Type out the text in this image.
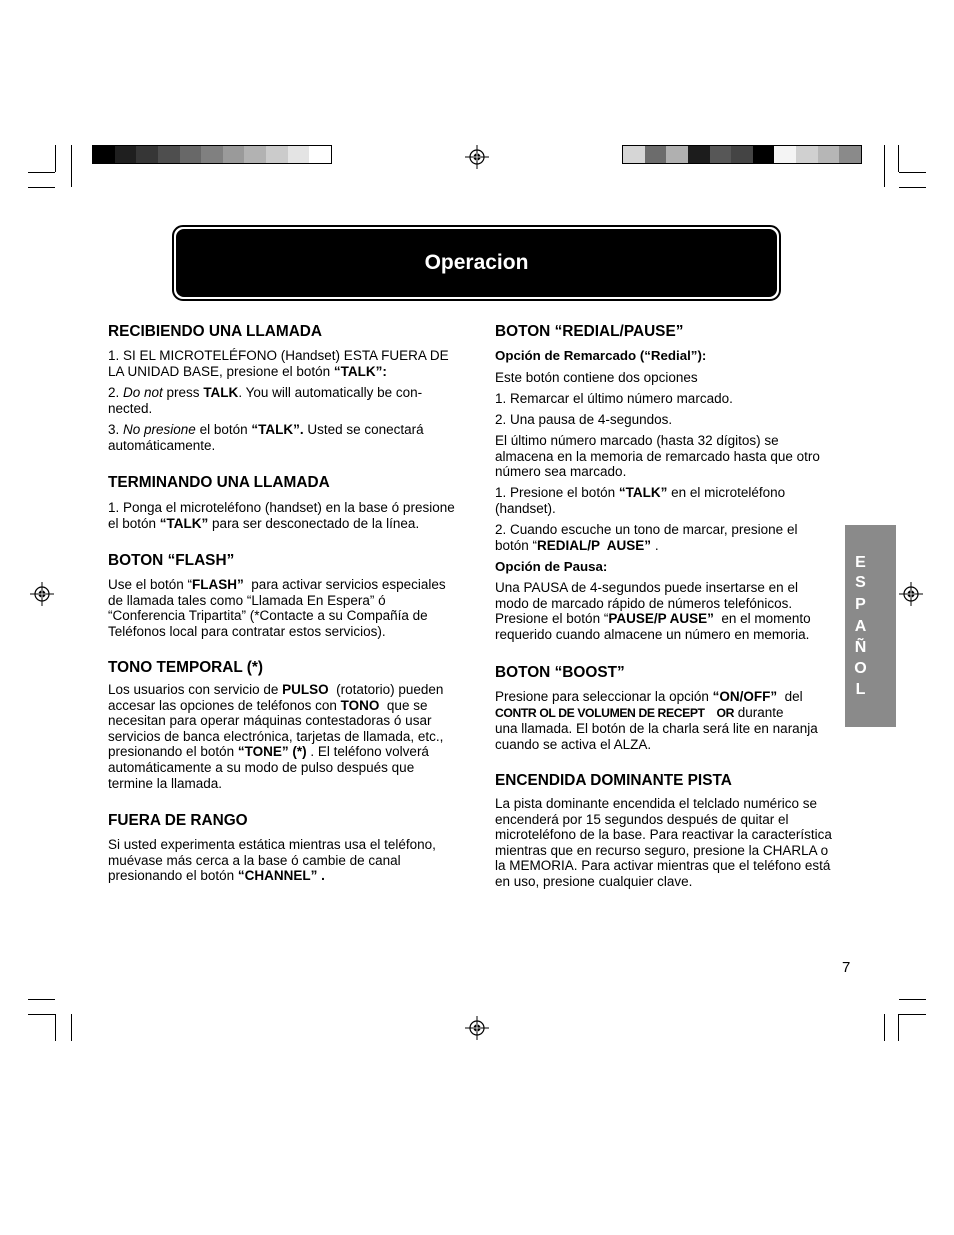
Operacion
RECIBIENDO UNA LLAMADA

1. SI EL MICROTELÉFONO (Handset) ESTA FUERA DE
LA UNIDAD BASE, presione el botón “TALK”:

2. Do not press TALK. You will automatically be con-
nected.

3. No presione el botón “TALK”. Usted se conectará
automáticamente.

TERMINANDO UNA LLAMADA

1. Ponga el microteléfono (handset) en la base ó presione
el botón “TALK” para ser desconectado de la línea.

BOTON “FLASH”

Use el botón “FLASH”  para activar servicios especiales
de llamada tales como “Llamada En Espera” ó
“Conferencia Tripartita” (*Contacte a su Compañía de
Teléfonos local para contratar estos servicios).

TONO TEMPORAL (*)

Los usuarios con servicio de PULSO  (rotatorio) pueden
accesar las opciones de teléfonos con TONO  que se
necesitan para operar máquinas contestadoras ó usar
servicios de banca electrónica, tarjetas de llamada, etc.,
presionando el botón “TONE” (*) . El teléfono volverá
automáticamente a su modo de pulso después que
termine la llamada.

FUERA DE RANGO

Si usted experimenta estática mientras usa el teléfono,
muévase más cerca a la base ó cambie de canal
presionando el botón “CHANNEL” .

BOTON “REDIAL/PAUSE”
Opción de Remarcado (“Redial”):

Este botón contiene dos opciones

1. Remarcar el último número marcado.

2. Una pausa de 4-segundos.

El último número marcado (hasta 32 dígitos) se
almacena en la memoria de remarcado hasta que otro
número sea marcado.

1. Presione el botón “TALK” en el microteléfono
(handset).

2. Cuando escuche un tono de marcar, presione el
botón “REDIAL/P  AUSE” .

Opción de Pausa:

Una PAUSA de 4-segundos puede insertarse en el
modo de marcado rápido de números telefónicos.
Presione el botón “PAUSE/P AUSE”  en el momento
requerido cuando almacene un número en memoria.

BOTON “BOOST”

Presione para seleccionar la opción “ON/OFF”  del
CONTR OL DE VOLUMEN DE RECEPT    OR durante
una llamada. El botón de la charla será lite en naranja
cuando se activa el ALZA.

ENCENDIDA DOMINANTE PISTA

La pista dominante encendida el telclado numérico se
encenderá por 15 segundos después de quitar el
microteléfono de la base. Para reactivar la característica
mientras que en recurso seguro, presione la CHARLA o
la MEMORIA. Para activar mientras que el teléfono está
en uso, presione cualquier clave.

E
S
P
A
Ñ
O
L
7
